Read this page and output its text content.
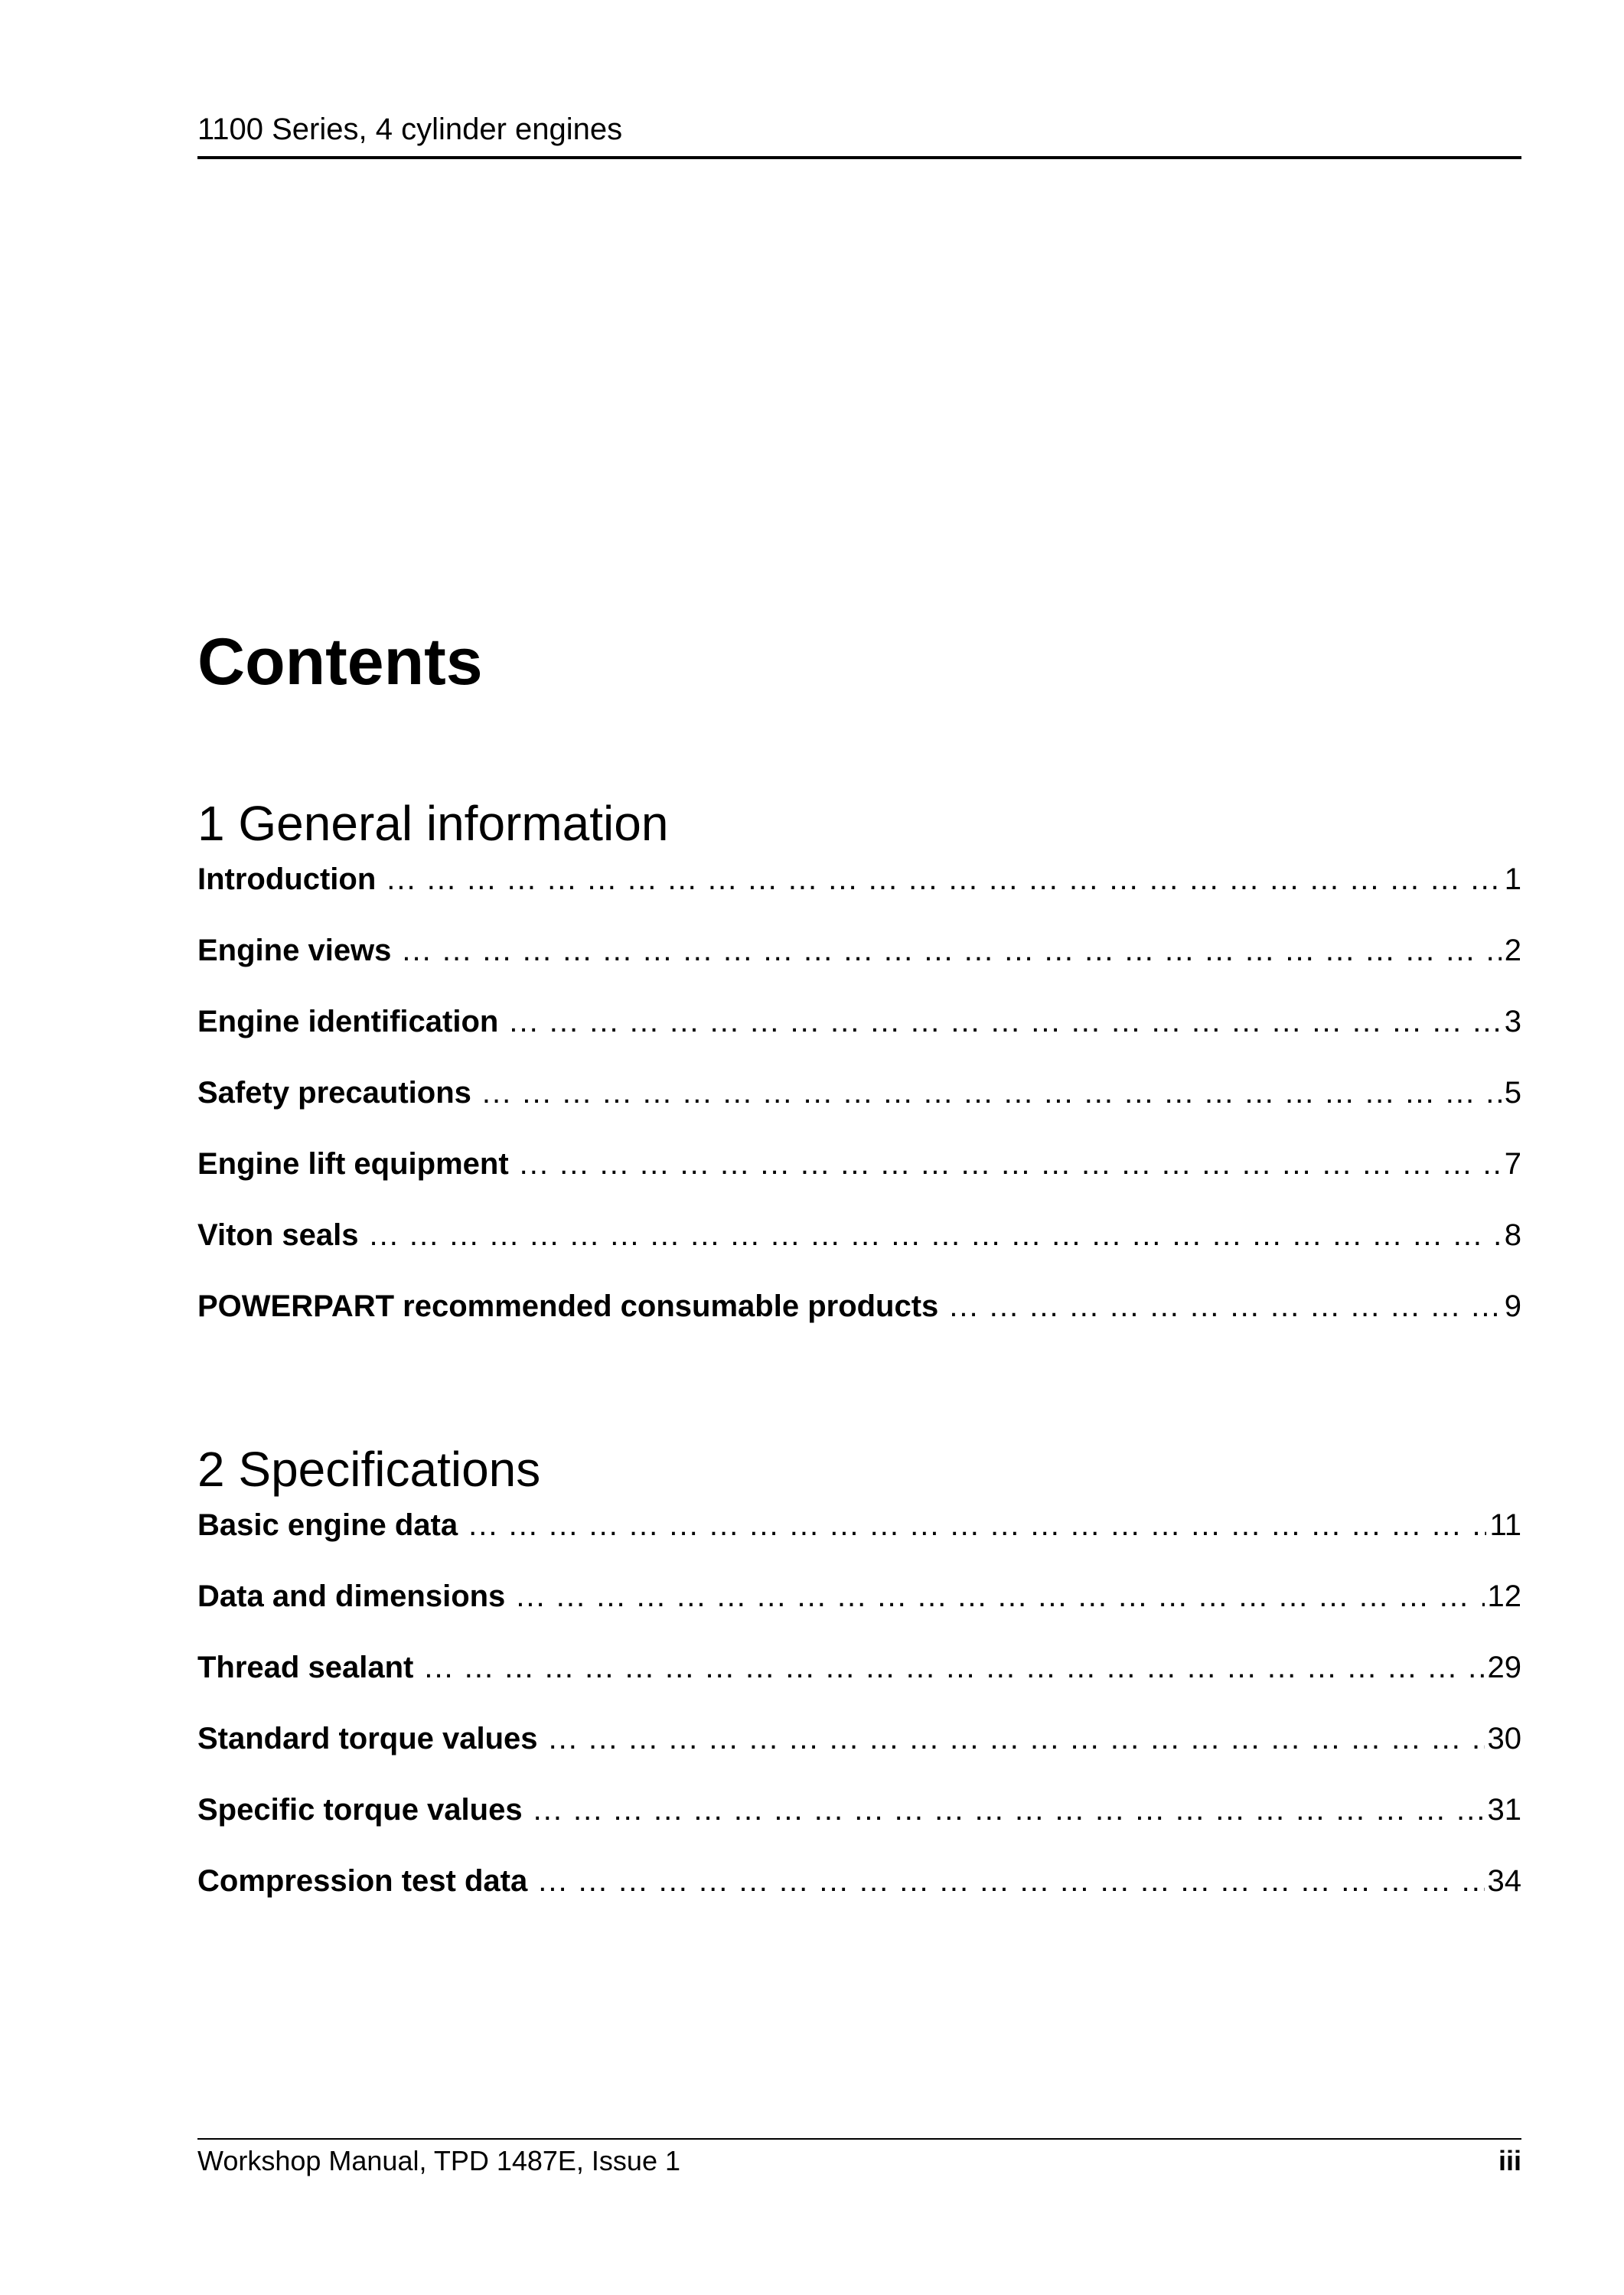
1100 Series, 4 cylinder engines
Contents
1 General information
Introduction ... .	1
Engine views ... .	2
Engine identification ... .	3
Safety precautions ... .	5
Engine lift equipment ... .	7
Viton seals ... .	8
POWERPART recommended consumable products ... .	9
2 Specifications
Basic engine data ... .	11
Data and dimensions ... .	12
Thread sealant ... .	29
Standard torque values ... .	30
Specific torque values ... .	31
Compression test data ... .	34
Workshop Manual, TPD 1487E, Issue 1	iii
